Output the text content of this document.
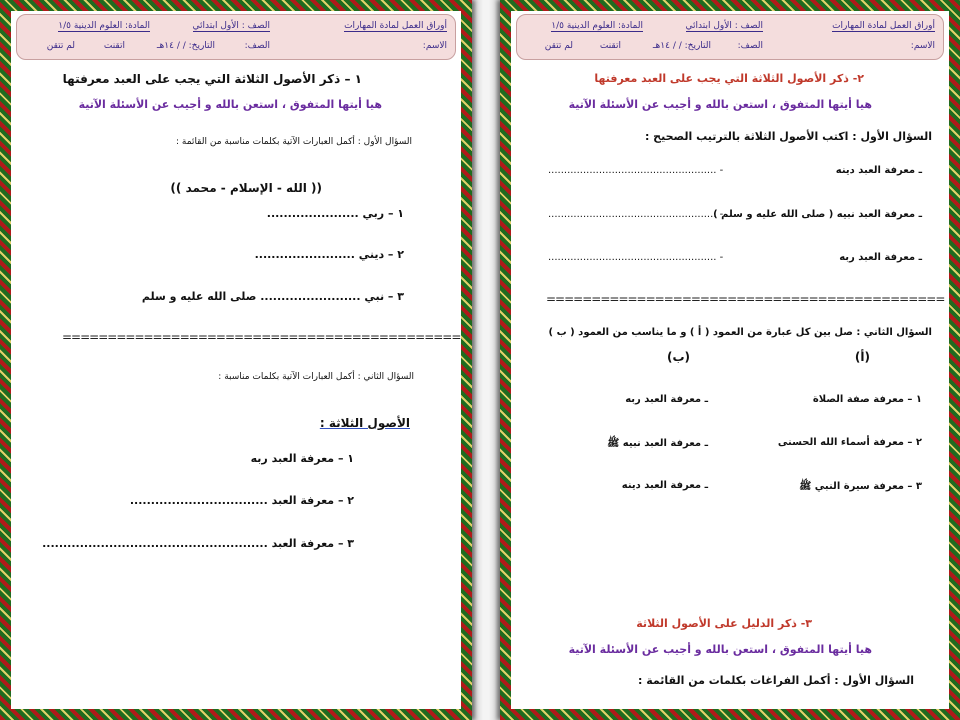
أوراق العمل لمادة المهارات
الصف : الأول ابتدائي
المادة: العلوم الدينية ١/٥
الاسم:
الصف:
التاريخ: / / ١٤هـ
اتقنت
لم تتقن
١ – ذكر الأصول الثلاثة التي يجب على العبد معرفتها
هيا أيتها المتفوق ، استعن بالله و أجيب عن الأسئلة الآتية
السؤال الأول : أكمل العبارات الآتية بكلمات مناسبة من القائمة :
(( الله - الإسلام - محمد ))
١ – ربي ......................
٢ – ديني ........................
٣ – نبي ........................ صلى الله عليه و سلم
============================================
السؤال الثاني : أكمل العبارات الآتية بكلمات مناسبة :
الأصول الثلاثة :
١ – معرفة العبد ربه
٢ – معرفة العبد .................................
٣ – معرفة العبد ......................................................
أوراق العمل لمادة المهارات
الصف : الأول ابتدائي
المادة: العلوم الدينية ١/٥
الاسم:
الصف:
التاريخ: / / ١٤هـ
اتقنت
لم تتقن
٢- ذكر الأصول الثلاثة التي يجب على العبد معرفتها
هيا أيتها المتفوق ، استعن بالله و أجيب عن الأسئلة الآتية
السؤال الأول : اكتب الأصول الثلاثة بالترتيب الصحيح :
ـ معرفة العبد دينه
..................................................... -
ـ معرفة العبد نبيه ( صلى الله عليه و سلم )
..................................................... -
ـ معرفة العبد ربه
..................................................... -
============================================
السؤال الثاني : صل بين كل عبارة من العمود ( أ ) و ما يناسب من العمود ( ب )
(أ)
(ب)
١ – معرفة صفة الصلاة
ـ معرفة العبد ربه
٢ – معرفة أسماء الله الحسنى
ـ معرفة العبد نبيه ﷺ
٣ – معرفة سيرة النبي ﷺ
ـ معرفة العبد دينه
٣- ذكر الدليل على الأصول الثلاثة
هيا أيتها المتفوق ، استعن بالله و أجيب عن الأسئلة الآتية
السؤال الأول : أكمل الفراغات بكلمات من القائمة :
